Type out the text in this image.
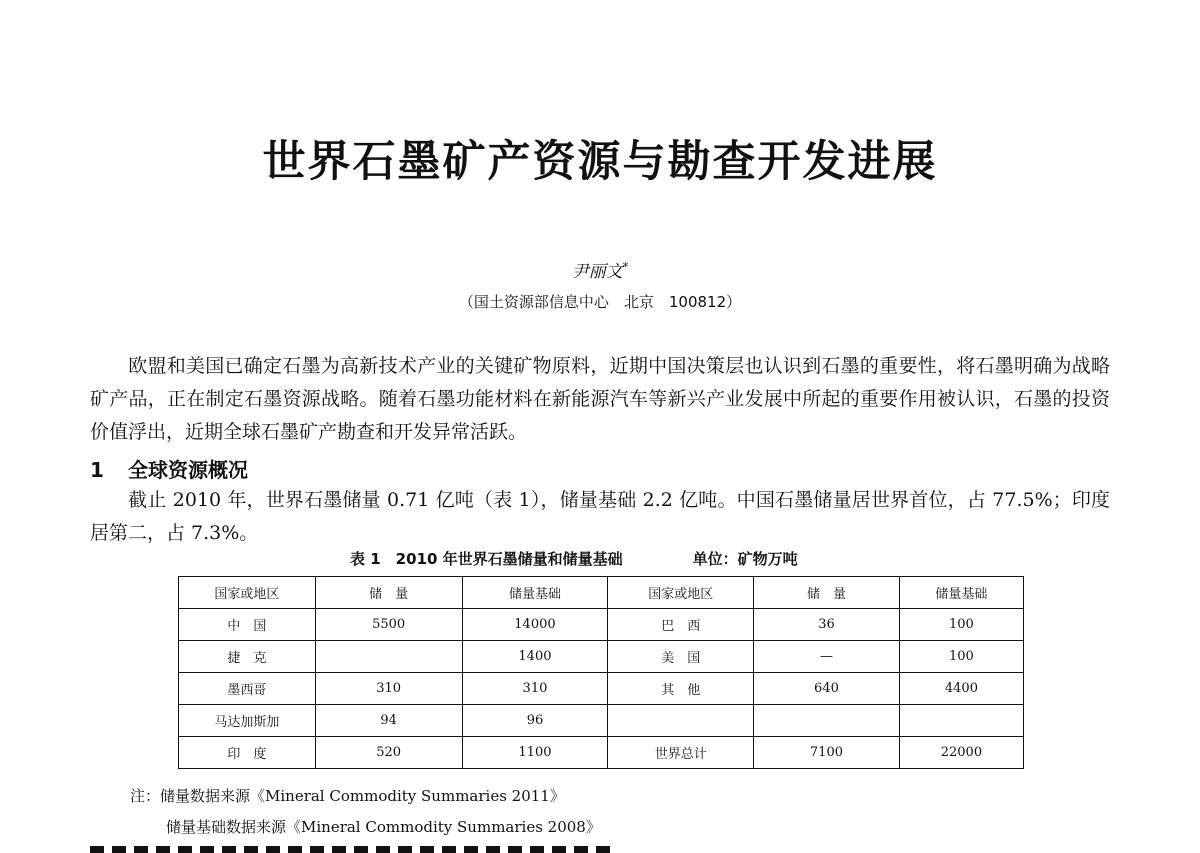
世界石墨矿产资源与勘查开发进展
尹丽文*
（国土资源部信息中心　北京　100812）
欧盟和美国已确定石墨为高新技术产业的关键矿物原料，近期中国决策层也认识到石墨的重要性，将石墨明确为战略矿产品，正在制定石墨资源战略。随着石墨功能材料在新能源汽车等新兴产业发展中所起的重要作用被认识，石墨的投资价值浮出，近期全球石墨矿产勘查和开发异常活跃。
1 全球资源概况
截止 2010 年，世界石墨储量 0.71 亿吨（表 1），储量基础 2.2 亿吨。中国石墨储量居世界首位，占 77.5%；印度居第二，占 7.3%。
表 1　2010 年世界石墨储量和储量基础	单位：矿物万吨
国家或地区	储　量	储量基础	国家或地区	储　量	储量基础
中　国	5500	14000	巴　西	36	100
捷　克		1400	美　国	—	100
墨西哥	310	310	其　他	640	4400
马达加斯加	94	96			
印　度	520	1100	世界总计	7100	22000
注：储量数据来源《Mineral Commodity Summaries 2011》
储量基础数据来源《Mineral Commodity Summaries 2008》
